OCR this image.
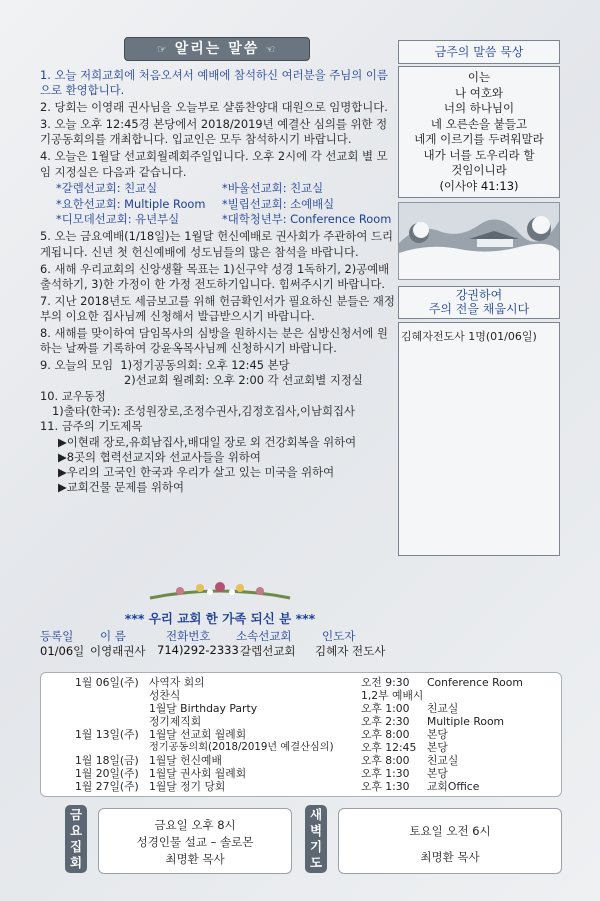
☞ 알리는 말씀 ☜

1. 오늘 저희교회에 처음오셔서 예배에 참석하신 여러분을 주님의 이름으로 환영합니다.

2. 당회는 이영래 권사님을 오늘부로 샬롬찬양대 대원으로 임명합니다.

3. 오늘 오후 12:45경 본당에서 2018/2019년 예결산 심의를 위한 정기공동회의를 개최합니다. 입교인은 모두 참석하시기 바랍니다.

4. 오늘은 1월달 선교회월례회주일입니다. 오후 2시에 각 선교회 별 모임 지정실은 다음과 같습니다.

*갈렙선교회: 친교실	*바울선교회: 친교실
*요한선교회: Multiple Room	*빌립선교회: 소예배실
*디모데선교회: 유년부실	*대학청년부: Conference Room

5. 오는 금요예배(1/18일)는 1월달 헌신예배로 권사회가 주관하여 드리게됩니다. 신년 첫 헌신예배에 성도님들의 많은 참석을 바랍니다.

6. 새해 우리교회의 신앙생활 목표는 1)신구약 성경 1독하기, 2)공예배 출석하기, 3)한 가정이 한 가정 전도하기입니다. 힘써주시기 바랍니다.

7. 지난 2018년도 세금보고를 위해 헌금확인서가 필요하신 분들은 재정부의 이요한 집사님께 신청해서 발급받으시기 바랍니다.

8. 새해를 맞이하여 담임목사의 심방을 원하시는 분은 심방신청서에 원하는 날짜를 기록하여 강윤옥목사님께 신청하시기 바랍니다.

9. 오늘의 모임 1)정기공동의회: 오후 12:45 본당
2)선교회 월례회: 오후 2:00 각 선교회별 지정실
10. 교우동정
1)출타(한국): 조성원장로,조정수권사,김정호집사,이남희집사
11. 금주의 기도제목
▶이현래 장로,유희남집사,배대일 장로 외 건강회복을 위하여
▶8곳의 협력선교지와 선교사들을 위하여
▶우리의 고국인 한국과 우리가 살고 있는 미국을 위하여
▶교회건물 문제를 위하여
금주의 말씀 묵상
이는
나 여호와
너의 하나님이
네 오른손을 붙들고
네게 이르기를 두려워말라
내가 너를 도우리라 할
것임이니라
(이사야 41:13)
강권하여
주의 전을 채웁시다
김혜자전도사 1명(01/06일)
*** 우리 교회 한 가족 되신 분 ***
등록일 이 름	전화번호 소속선교회	인도자
01/06일 이영래권사 714)292-2333 갈렙선교회 김혜자 전도사
1월 06일(주) 사역자 회의	오전 9:30 Conference Room
성찬식	1,2부 예배시
1월달 Birthday Party	오후 1:00 친교실
정기제직회	오후 2:30 Multiple Room
1월 13일(주) 1월달 선교회 월례회	오후 8:00 본당
정기공동의회(2018/2019년 예결산심의)	오후 12:45 본당
1월 18일(금) 1월달 헌신예배	오후 8:00 친교실
1월 20일(주) 1월달 권사회 월례회	오후 1:30 본당
1월 27일(주) 1월달 정기 당회	오후 1:30 교회Office
금요집회
금요일 오후 8시
성경인물 설교 – 솔로몬
최명환 목사
새벽기도
토요일 오전 6시
최명환 목사
